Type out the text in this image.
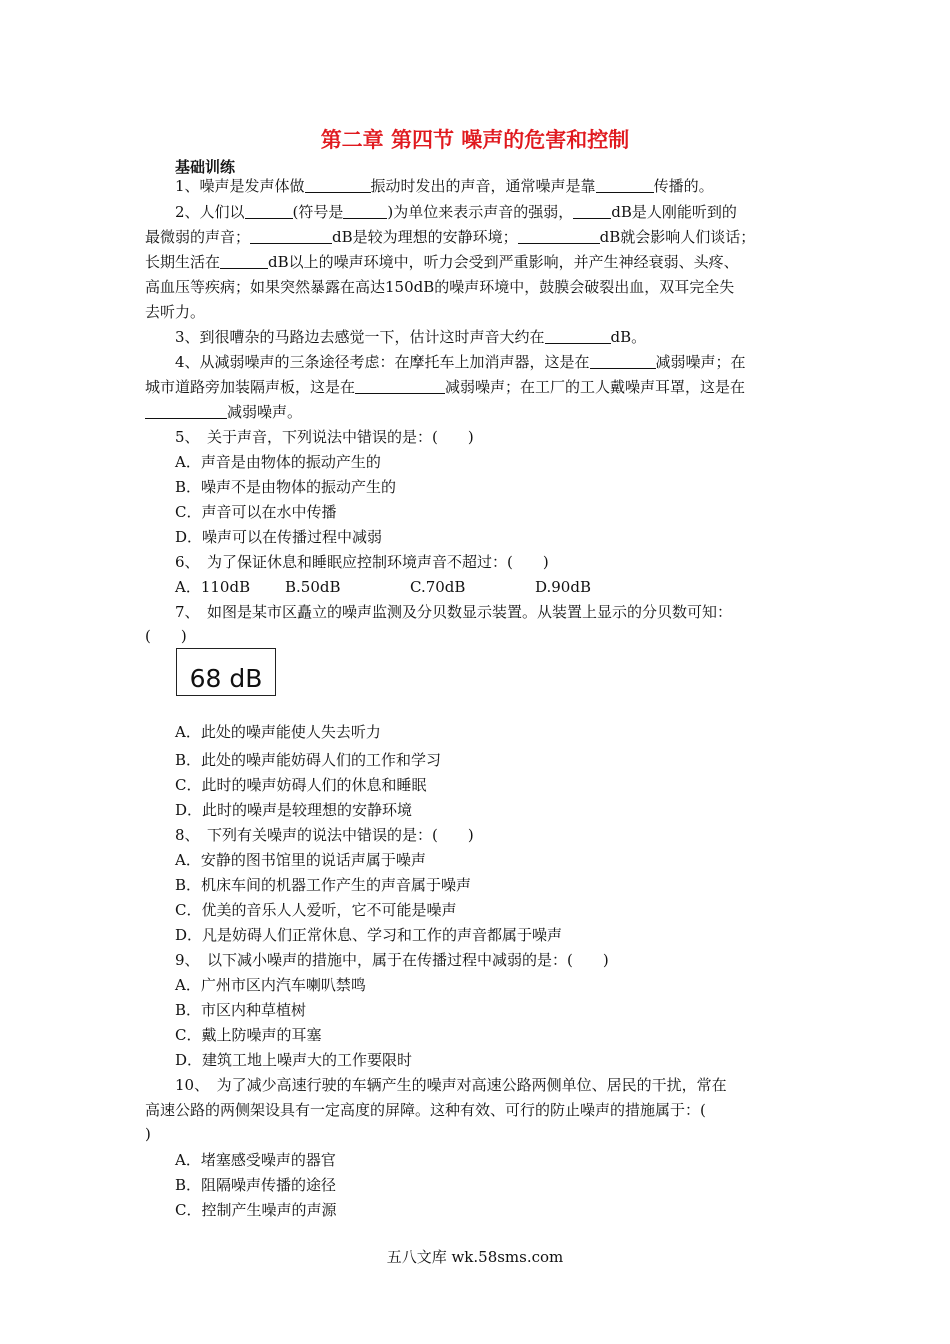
第二章 第四节 噪声的危害和控制
基础训练
1、噪声是发声体做	振动时发出的声音，通常噪声是靠	传播的。
2、人们以	(符号是	)为单位来表示声音的强弱，	dB是人刚能听到的
最微弱的声音；	dB是较为理想的安静环境；	dB就会影响人们谈话；
长期生活在	dB以上的噪声环境中，听力会受到严重影响，并产生神经衰弱、头疼、
高血压等疾病；如果突然暴露在高达150dB的噪声环境中，鼓膜会破裂出血，双耳完全失
去听力。
3、到很嘈杂的马路边去感觉一下，估计这时声音大约在	dB。
4、从减弱噪声的三条途径考虑：在摩托车上加消声器，这是在	减弱噪声；在
城市道路旁加装隔声板，这是在	减弱噪声；在工厂的工人戴噪声耳罩，这是在
减弱噪声。
5、　关于声音，下列说法中错误的是：(　　)
A．声音是由物体的振动产生的
B．噪声不是由物体的振动产生的
C．声音可以在水中传播
D．噪声可以在传播过程中减弱
6、　为了保证休息和睡眠应控制环境声音不超过：(　　)
A．110dB B.50dB	C.70dB	D.90dB
7、　如图是某市区矗立的噪声监测及分贝数显示装置。从装置上显示的分贝数可知：
(　　)
68 dB
A．此处的噪声能使人失去听力
B．此处的噪声能妨碍人们的工作和学习
C．此时的噪声妨碍人们的休息和睡眠
D．此时的噪声是较理想的安静环境
8、　下列有关噪声的说法中错误的是：(　　)
A．安静的图书馆里的说话声属于噪声
B．机床车间的机器工作产生的声音属于噪声
C．优美的音乐人人爱听，它不可能是噪声
D．凡是妨碍人们正常休息、学习和工作的声音都属于噪声
9、　以下减小噪声的措施中，属于在传播过程中减弱的是：(　　)
A．广州市区内汽车喇叭禁鸣
B．市区内种草植树
C．戴上防噪声的耳塞
D．建筑工地上噪声大的工作要限时
10、　为了减少高速行驶的车辆产生的噪声对高速公路两侧单位、居民的干扰，常在
高速公路的两侧架设具有一定高度的屏障。这种有效、可行的防止噪声的措施属于：(
)
A．堵塞感受噪声的器官
B．阻隔噪声传播的途径
C．控制产生噪声的声源
五八文库 wk.58sms.com
